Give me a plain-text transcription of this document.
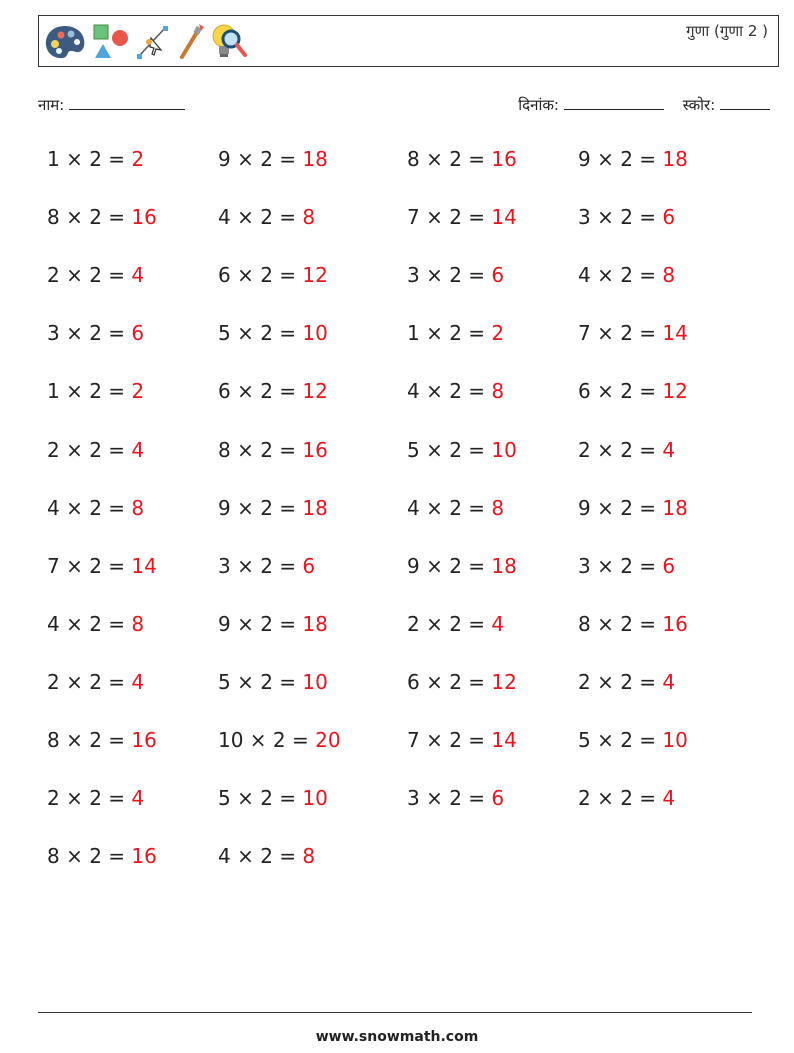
गुणा (गुणा 2 )
नाम:	दिनांक:	स्कोर:
1 × 2 = 2
8 × 2 = 16
2 × 2 = 4
3 × 2 = 6
1 × 2 = 2
2 × 2 = 4
4 × 2 = 8
7 × 2 = 14
4 × 2 = 8
2 × 2 = 4
8 × 2 = 16
2 × 2 = 4
8 × 2 = 16
9 × 2 = 18
4 × 2 = 8
6 × 2 = 12
5 × 2 = 10
6 × 2 = 12
8 × 2 = 16
9 × 2 = 18
3 × 2 = 6
9 × 2 = 18
5 × 2 = 10
10 × 2 = 20
5 × 2 = 10
4 × 2 = 8
8 × 2 = 16
7 × 2 = 14
3 × 2 = 6
1 × 2 = 2
4 × 2 = 8
5 × 2 = 10
4 × 2 = 8
9 × 2 = 18
2 × 2 = 4
6 × 2 = 12
7 × 2 = 14
3 × 2 = 6
9 × 2 = 18
3 × 2 = 6
4 × 2 = 8
7 × 2 = 14
6 × 2 = 12
2 × 2 = 4
9 × 2 = 18
3 × 2 = 6
8 × 2 = 16
2 × 2 = 4
5 × 2 = 10
2 × 2 = 4
www.snowmath.com
